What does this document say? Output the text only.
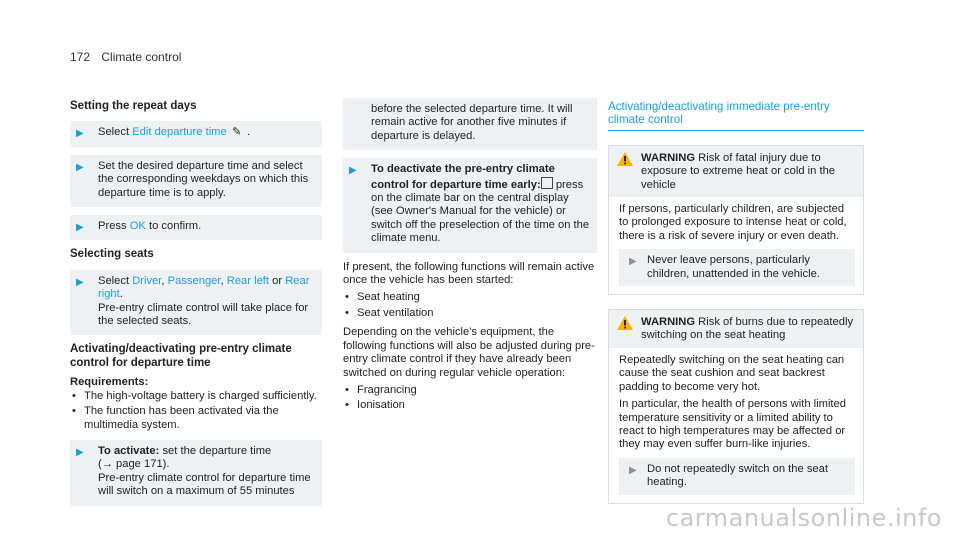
172 Climate control
Setting the repeat days
▶ Select Edit departure time ✎ .
▶ Set the desired departure time and select the corresponding weekdays on which this departure time is to apply.
▶ Press OK to confirm.
Selecting seats
▶ Select Driver, Passenger, Rear left or Rear right.
Pre-entry climate control will take place for the selected seats.
Activating/deactivating pre-entry climate control for departure time
Requirements:
• The high-voltage battery is charged sufficiently.
• The function has been activated via the multimedia system.
▶ To activate: set the departure time
(→ page 171).
Pre-entry climate control for departure time will switch on a maximum of 55 minutes
before the selected departure time. It will remain active for another five minutes if departure is delayed.
▶ To deactivate the pre-entry climate control for departure time early: press on the climate bar on the central display (see Owner's Manual for the vehicle) or switch off the preselection of the time on the climate menu.
If present, the following functions will remain active once the vehicle has been started:
• Seat heating
• Seat ventilation
Depending on the vehicle's equipment, the following functions will also be adjusted during pre-entry climate control if they have already been switched on during regular vehicle operation:
• Fragrancing
• Ionisation
Activating/deactivating immediate pre-entry climate control
WARNING Risk of fatal injury due to exposure to extreme heat or cold in the vehicle
If persons, particularly children, are subjected to prolonged exposure to intense heat or cold, there is a risk of severe injury or even death.
▶ Never leave persons, particularly children, unattended in the vehicle.
WARNING Risk of burns due to repeatedly switching on the seat heating
Repeatedly switching on the seat heating can cause the seat cushion and seat backrest padding to become very hot.
In particular, the health of persons with limited temperature sensitivity or a limited ability to react to high temperatures may be affected or they may even suffer burn-like injuries.
▶ Do not repeatedly switch on the seat heating.
carmanualsonline.info
